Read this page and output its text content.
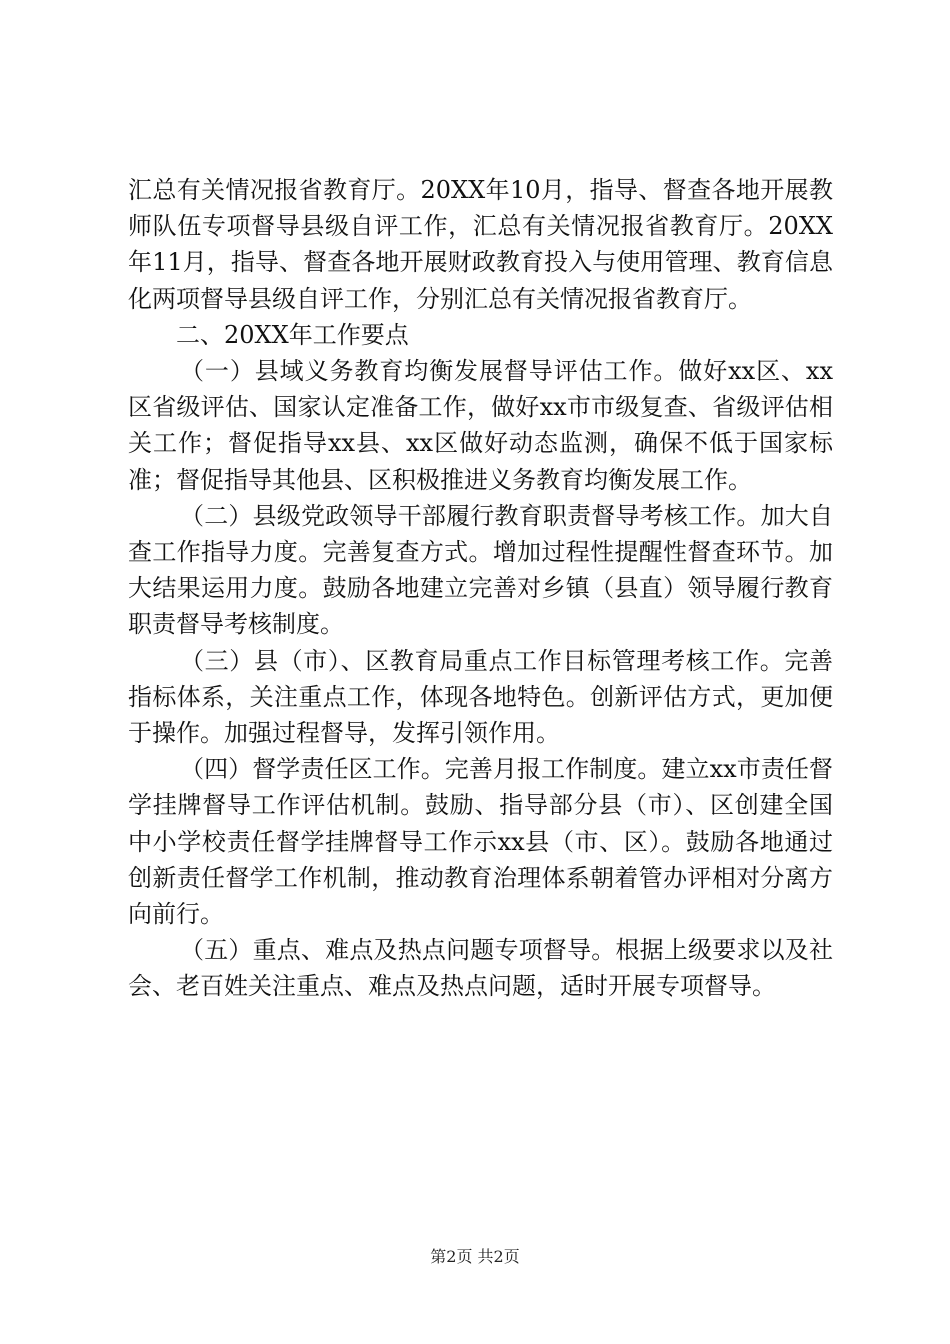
汇总有关情况报省教育厅。20XX年10月，指导、督查各地开展教师队伍专项督导县级自评工作，汇总有关情况报省教育厅。20XX年11月，指导、督查各地开展财政教育投入与使用管理、教育信息化两项督导县级自评工作，分别汇总有关情况报省教育厅。

二、20XX年工作要点

（一）县域义务教育均衡发展督导评估工作。做好xx区、xx区省级评估、国家认定准备工作，做好xx市市级复查、省级评估相关工作；督促指导xx县、xx区做好动态监测，确保不低于国家标准；督促指导其他县、区积极推进义务教育均衡发展工作。

（二）县级党政领导干部履行教育职责督导考核工作。加大自查工作指导力度。完善复查方式。增加过程性提醒性督查环节。加大结果运用力度。鼓励各地建立完善对乡镇（县直）领导履行教育职责督导考核制度。

（三）县（市）、区教育局重点工作目标管理考核工作。完善指标体系，关注重点工作，体现各地特色。创新评估方式，更加便于操作。加强过程督导，发挥引领作用。

（四）督学责任区工作。完善月报工作制度。建立xx市责任督学挂牌督导工作评估机制。鼓励、指导部分县（市）、区创建全国中小学校责任督学挂牌督导工作示xx县（市、区）。鼓励各地通过创新责任督学工作机制，推动教育治理体系朝着管办评相对分离方向前行。

（五）重点、难点及热点问题专项督导。根据上级要求以及社会、老百姓关注重点、难点及热点问题，适时开展专项督导。

第2页 共2页
